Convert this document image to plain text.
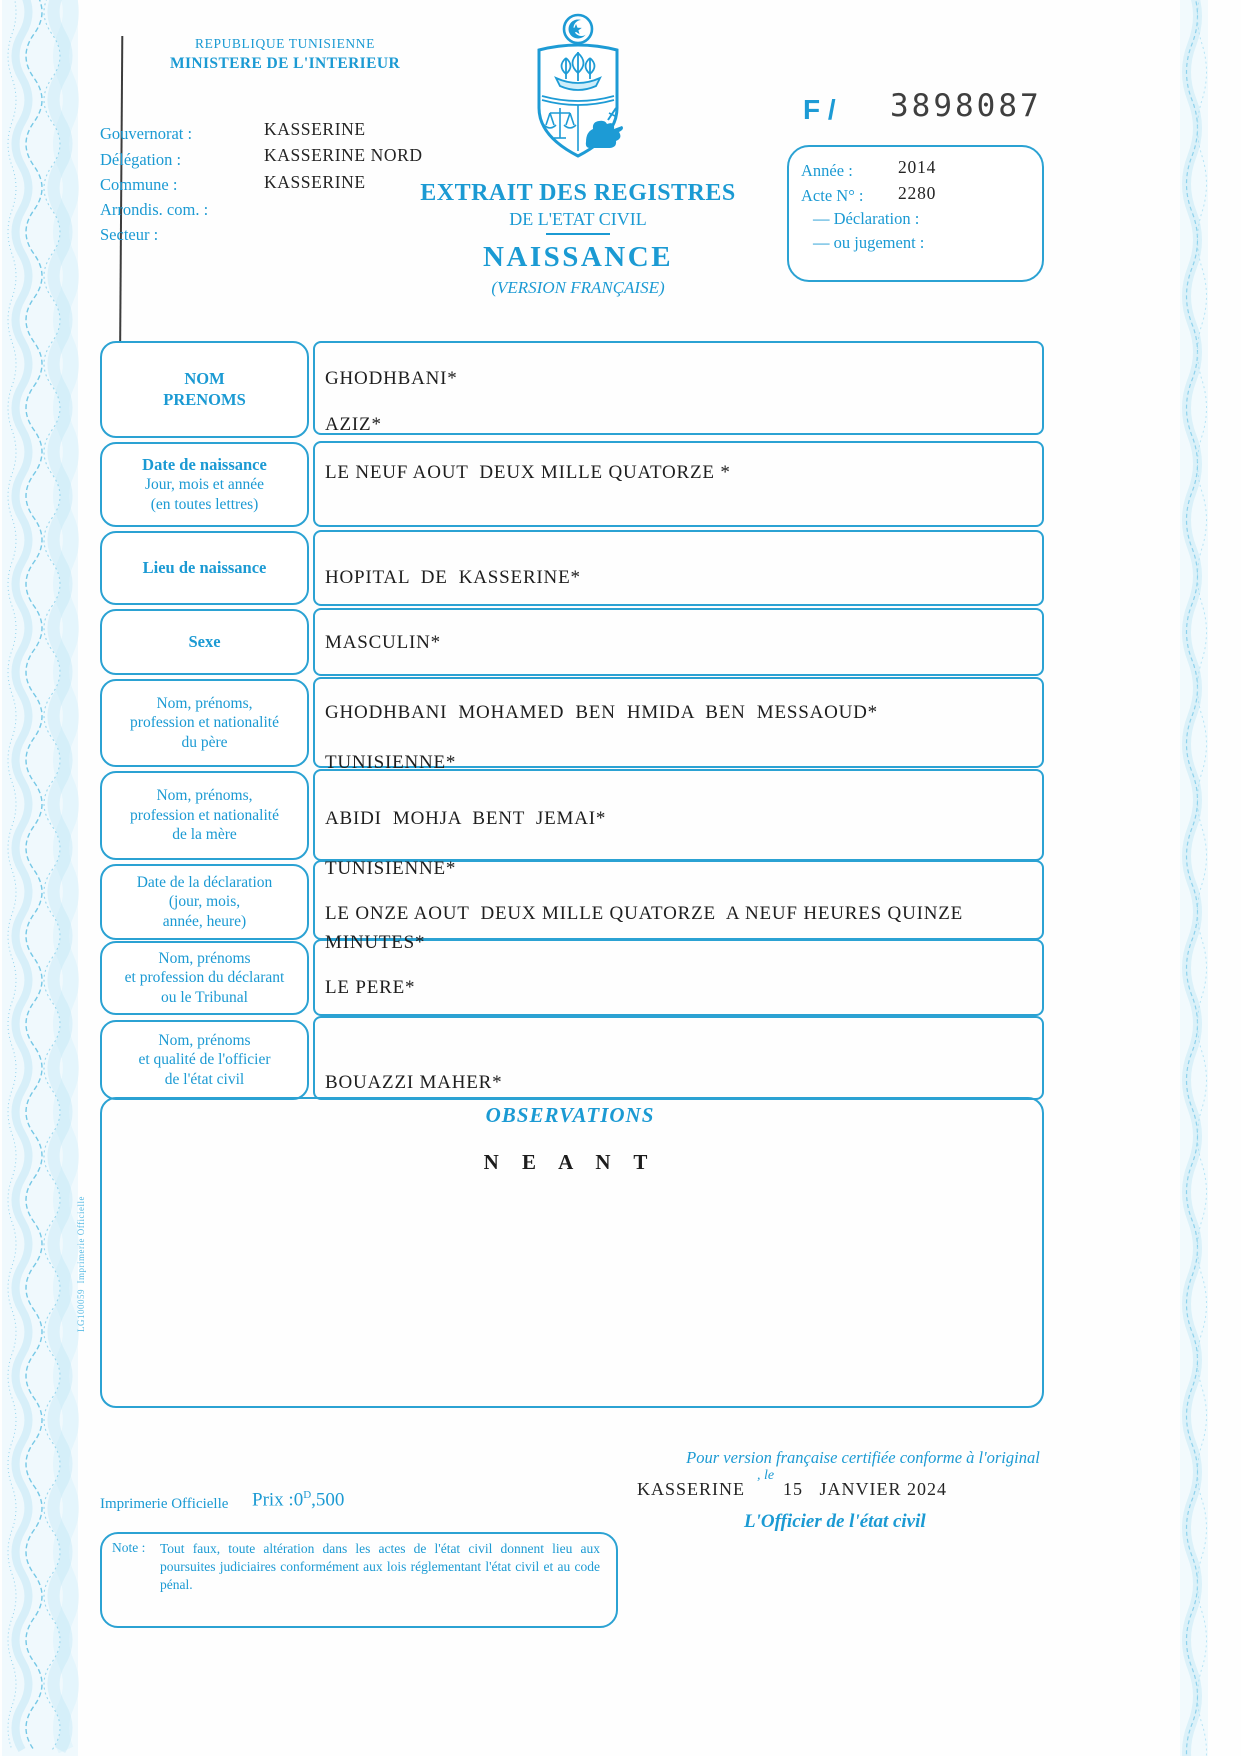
REPUBLIQUE TUNISIENNE
MINISTERE DE L'INTERIEUR
Gouvernorat :
Délégation :
Commune :
Arrondis. com. :
Secteur :
KASSERINE
KASSERINE NORD
KASSERINE	EXTRAIT DES REGISTRES
DE L'ETAT CIVIL
NAISSANCE
(VERSION FRANÇAISE)
F / 3898087
Année :	2014
Acte N° : 2280
— Déclaration :
— ou jugement :
NOM
PRENOMS
Date de naissance
Jour, mois et année
(en toutes lettres)
Lieu de naissance
Sexe
Nom, prénoms,
profession et nationalité
du père
Nom, prénoms,
profession et nationalité
de la mère
Date de la déclaration
(jour, mois,
année, heure)
Nom, prénoms
et profession du déclarant
ou le Tribunal
Nom, prénoms
et qualité de l'officier
de l'état civil
GHODHBANI*
AZIZ*
LE NEUF AOUT  DEUX MILLE QUATORZE *
HOPITAL  DE  KASSERINE*
MASCULIN*
GHODHBANI  MOHAMED  BEN  HMIDA  BEN  MESSAOUD*
TUNISIENNE*
ABIDI  MOHJA  BENT  JEMAI*
TUNISIENNE*
LE ONZE AOUT  DEUX MILLE QUATORZE  A NEUF HEURES QUINZE
MINUTES*
LE PERE*
BOUAZZI MAHER*
OBSERVATIONS
N E A N T
LG100059  Imprimerie Officielle
Imprimerie Officielle Prix $:0^D,500$
Note : Tout faux, toute altération dans les actes de l'état civil donnent lieu aux poursuites judiciaires conformément aux lois réglementant l'état civil et au code pénal.
Pour version française certifiée conforme à l'original
KASSERINE
, le
15   JANVIER 2024
L'Officier de l'état civil
